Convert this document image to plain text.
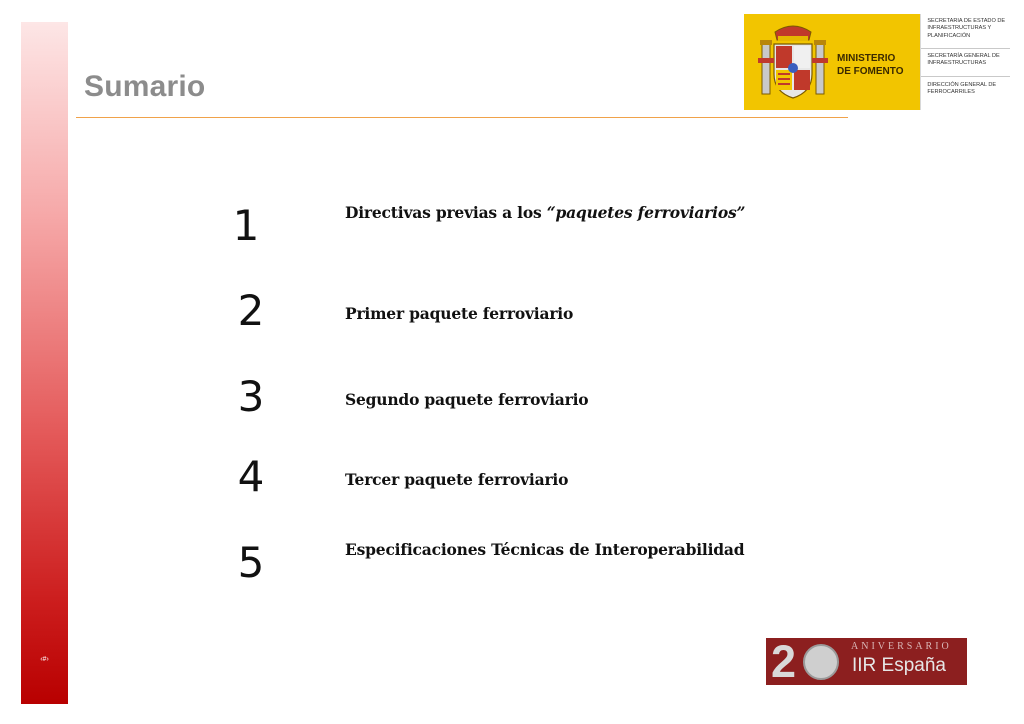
‹#›
Sumario
MINISTERIO
DE FOMENTO
SECRETARIA DE ESTADO DE INFRAESTRUCTURAS Y PLANIFICACIÓN
SECRETARÍA GENERAL DE INFRAESTRUCTURAS
DIRECCIÓN GENERAL DE FERROCARRILES
1	Directivas previas a los “paquetes ferroviarios”
2	Primer paquete ferroviario
3	Segundo paquete ferroviario
4	Tercer paquete ferroviario
5	Especificaciones Técnicas de Interoperabilidad
2	ANIVERSARIO
IIR España
